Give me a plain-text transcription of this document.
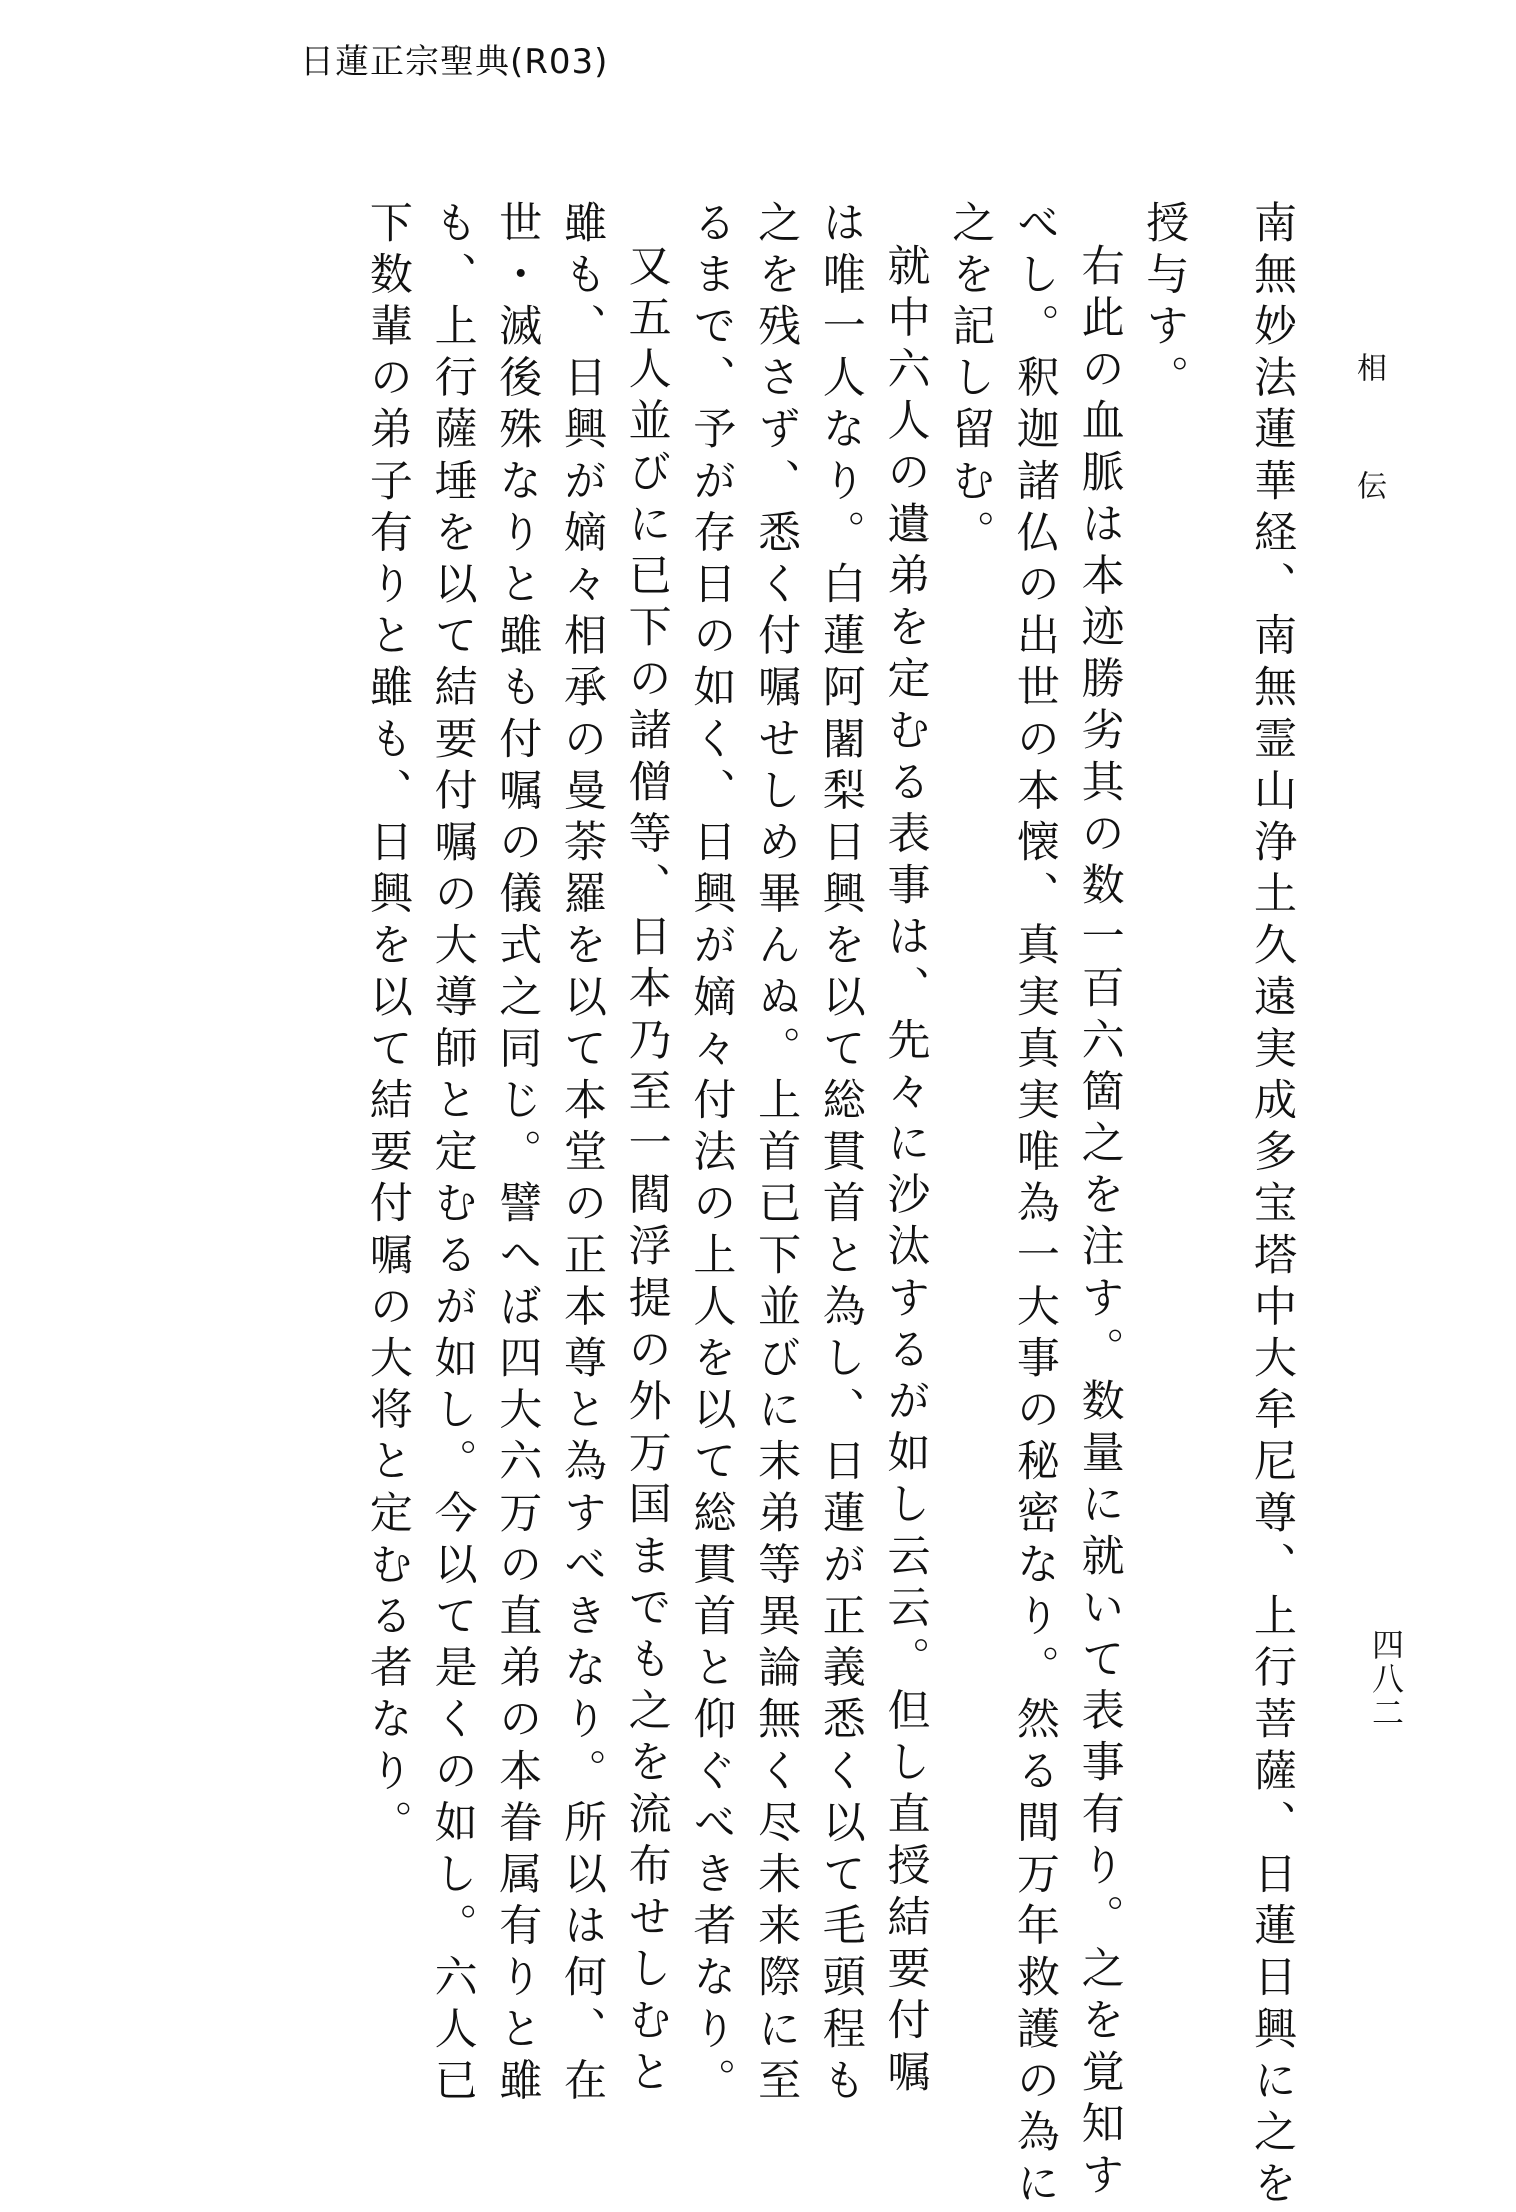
日蓮正宗聖典(R03)
相伝
四八二

南無妙法蓮華経、南無霊山浄土久遠実成多宝塔中大牟尼尊、上行菩薩、日蓮日興に之を

授与す。

右此の血脈は本迹勝劣其の数一百六箇之を注す。数量に就いて表事有り。之を覚知す

べし。釈迦諸仏の出世の本懐、真実真実唯為一大事の秘密なり。然る間万年救護の為に

之を記し留む。

就中六人の遺弟を定むる表事は、先々に沙汰するが如し云云。但し直授結要付嘱

は唯一人なり。白蓮阿闍梨日興を以て総貫首と為し、日蓮が正義悉く以て毛頭程も

之を残さず、悉く付嘱せしめ畢んぬ。上首已下並びに末弟等異論無く尽未来際に至

るまで、予が存日の如く、日興が嫡々付法の上人を以て総貫首と仰ぐべき者なり。

又五人並びに已下の諸僧等、日本乃至一閻浮提の外万国までも之を流布せしむと

雖も、日興が嫡々相承の曼荼羅を以て本堂の正本尊と為すべきなり。所以は何、在

世・滅後殊なりと雖も付嘱の儀式之同じ。譬へば四大六万の直弟の本眷属有りと雖

も、上行薩埵を以て結要付嘱の大導師と定むるが如し。今以て是くの如し。六人已

下数輩の弟子有りと雖も、日興を以て結要付嘱の大将と定むる者なり。
